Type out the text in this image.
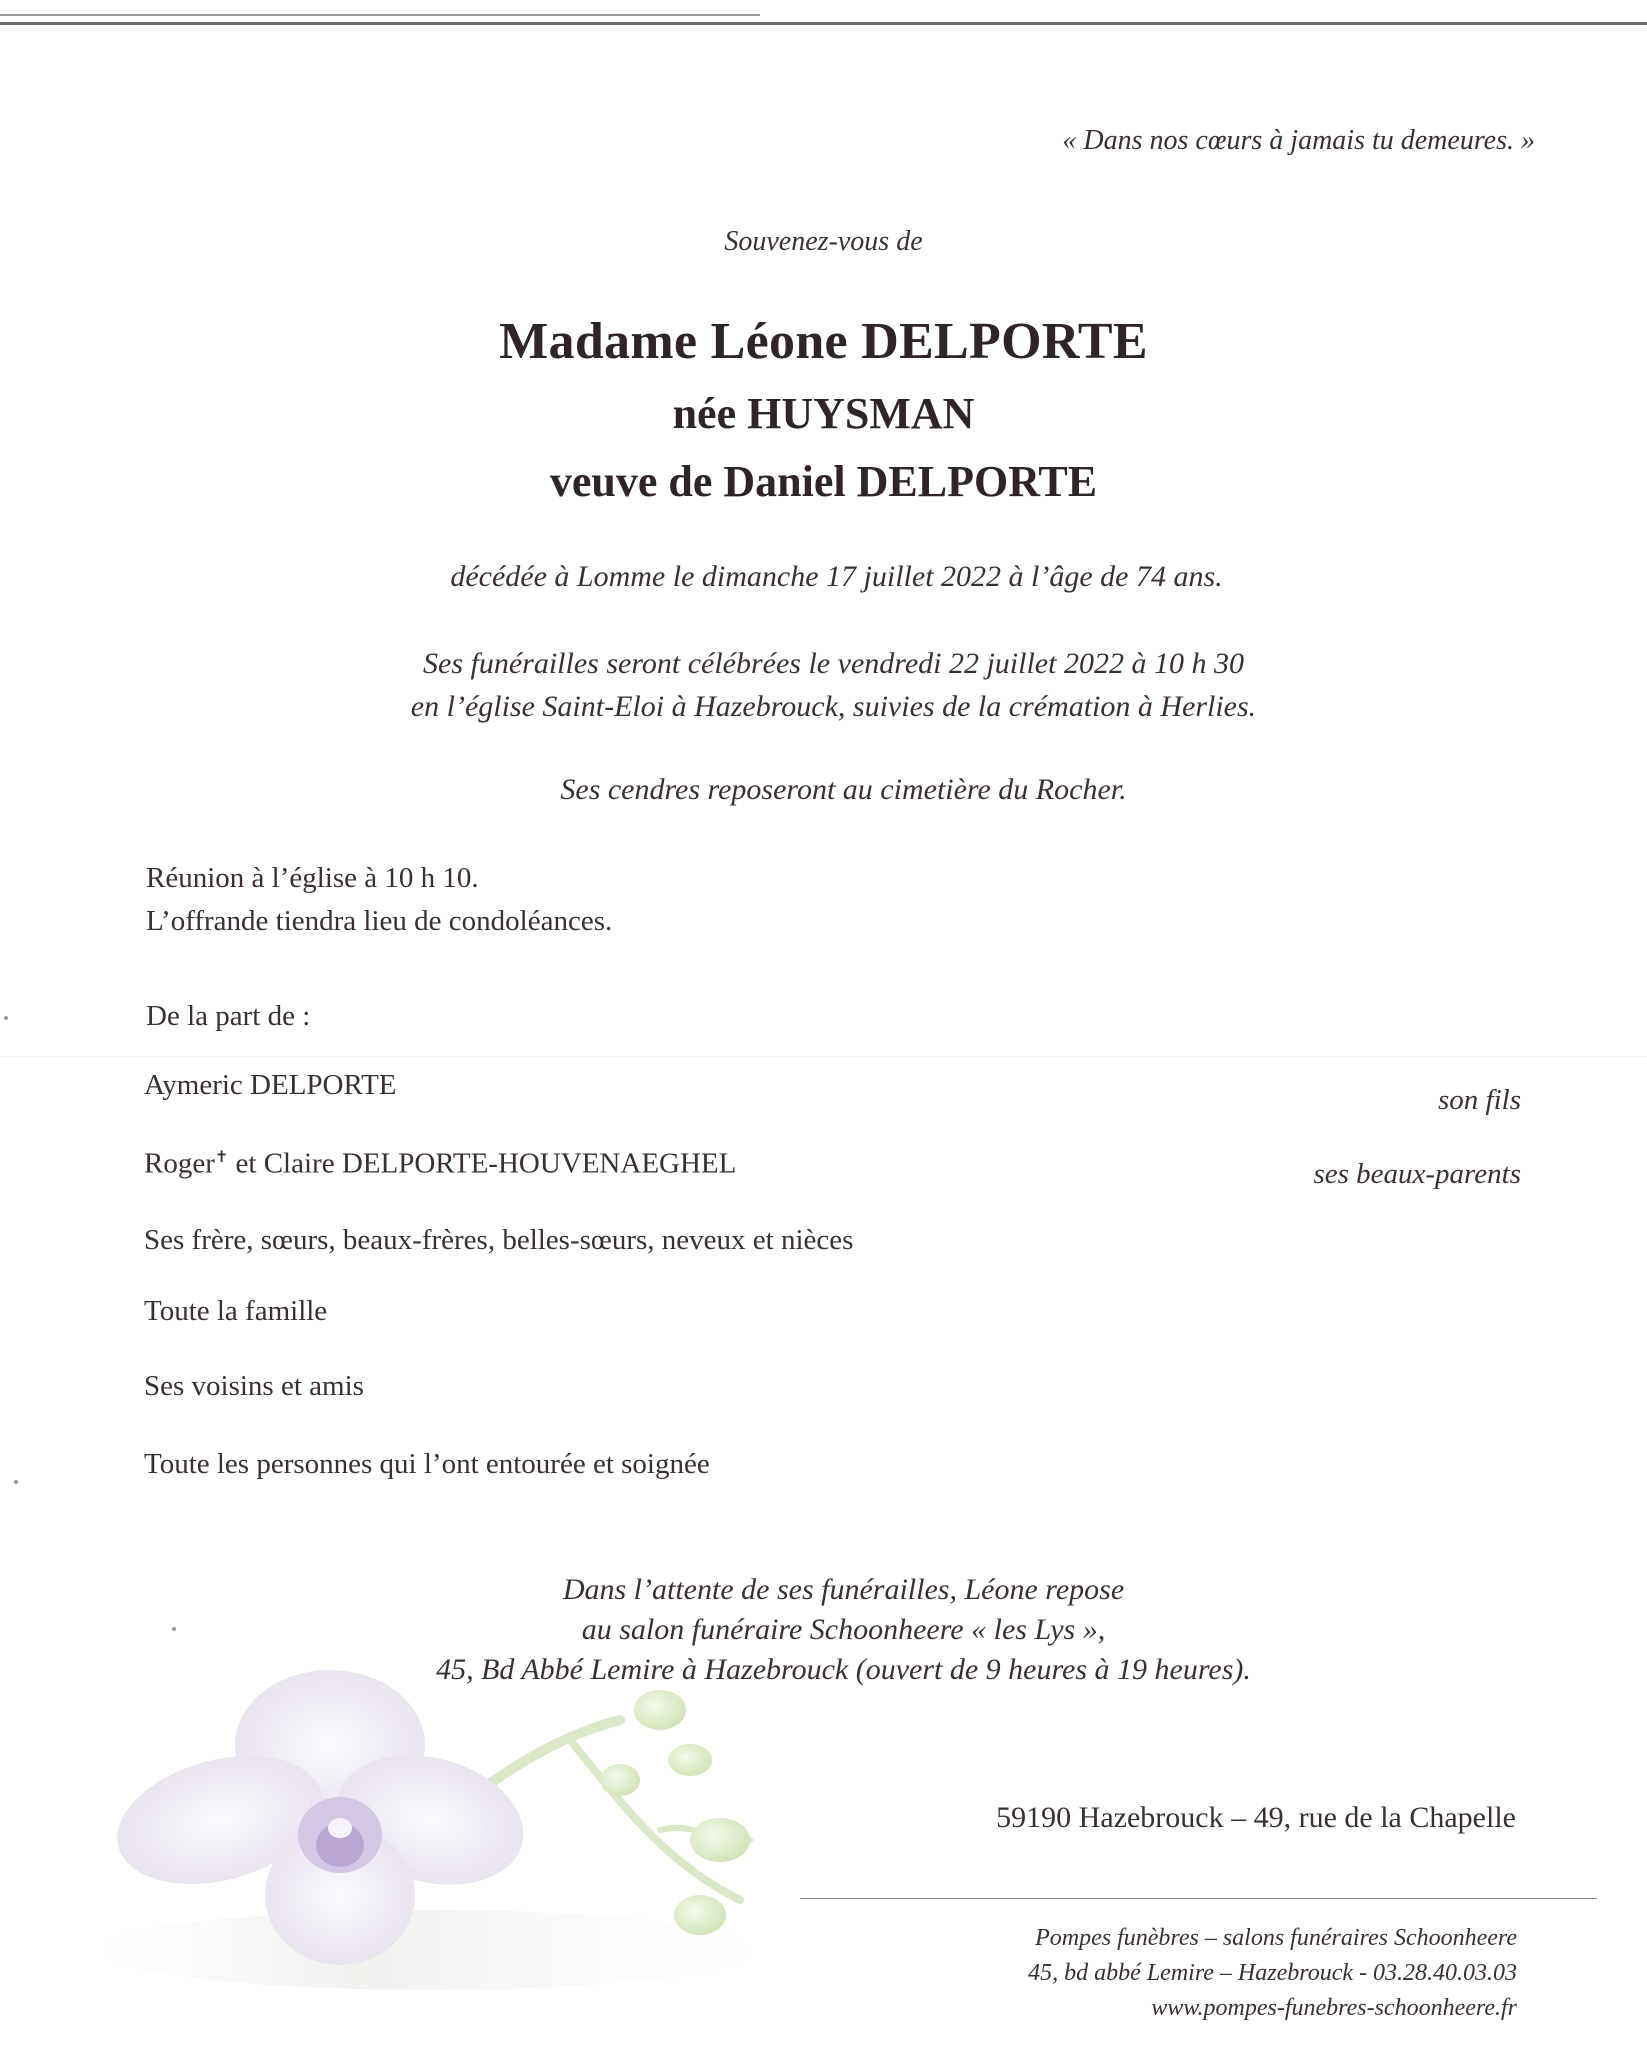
« Dans nos cœurs à jamais tu demeures. »
Souvenez-vous de
Madame Léone DELPORTE
née HUYSMAN
veuve de Daniel DELPORTE
décédée à Lomme le dimanche 17 juillet 2022 à l’âge de 74 ans.
Ses funérailles seront célébrées le vendredi 22 juillet 2022 à 10 h 30
en l’église Saint-Eloi à Hazebrouck, suivies de la crémation à Herlies.
Ses cendres reposeront au cimetière du Rocher.
Réunion à l’église à 10 h 10.
L’offrande tiendra lieu de condoléances.
De la part de :
Aymeric DELPORTE	son fils
Roger✝ et Claire DELPORTE-HOUVENAEGHEL	ses beaux-parents
Ses frère, sœurs, beaux-frères, belles-sœurs, neveux et nièces
Toute la famille
Ses voisins et amis
Toute les personnes qui l’ont entourée et soignée
Dans l’attente de ses funérailles, Léone repose
au salon funéraire Schoonheere « les Lys »,
45, Bd Abbé Lemire à Hazebrouck (ouvert de 9 heures à 19 heures).
59190 Hazebrouck – 49, rue de la Chapelle
Pompes funèbres – salons funéraires Schoonheere
45, bd abbé Lemire – Hazebrouck - 03.28.40.03.03
www.pompes-funebres-schoonheere.fr
